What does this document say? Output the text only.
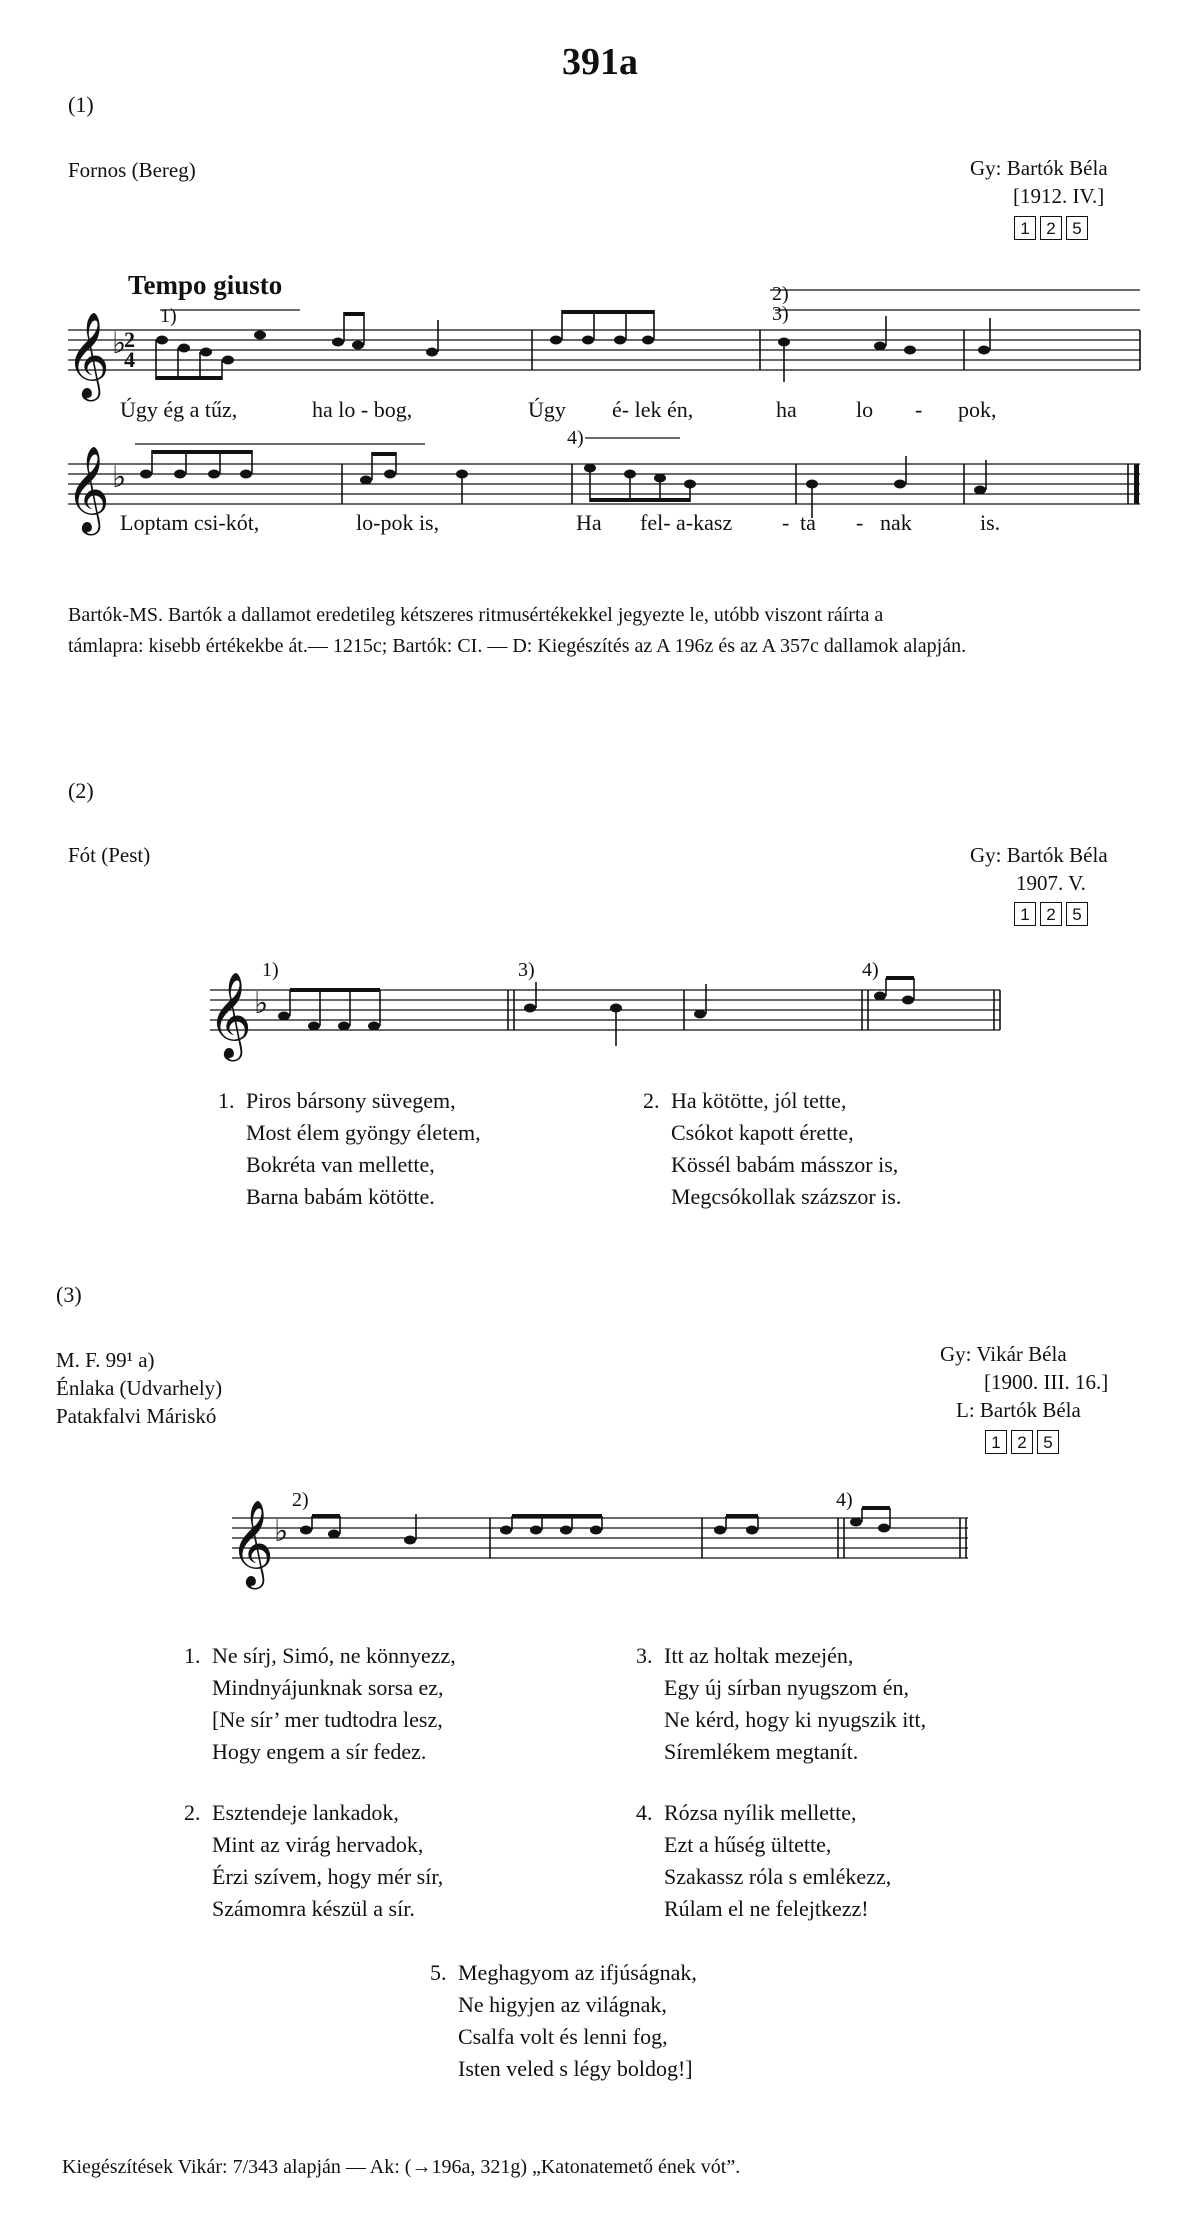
391a
(1)
Fornos (Bereg)	Gy: Bartók Béla
[1912. IV.]
1 2 5
Tempo giusto
𝄞 ♭
2
4
1)
2)
3)
Úgy ég a tűz,	ha lo - bog,	Úgy é- lek én,	ha	lo - pok,
𝄞 ♭
4)
Loptam csi-kót,	lo-pok is,	Ha fel- a-kasz - ta - nak	is.
Bartók-MS. Bartók a dallamot eredetileg kétszeres ritmusértékekkel jegyezte le, utóbb viszont ráírta a
támlapra: kisebb értékekbe át.— 1215c; Bartók: CI. — D: Kiegészítés az A 196z és az A 357c dallamok alapján.
(2)
Fót (Pest)	Gy: Bartók Béla
1907. V.
1 2 5
𝄞 ♭
1)	3)	4)
1. Piros bársony süvegem,
Most élem gyöngy életem,
Bokréta van mellette,
Barna babám kötötte.
2. Ha kötötte, jól tette,
Csókot kapott érette,
Kössél babám másszor is,
Megcsókollak százszor is.
(3)
M. F. 99¹ a)
Énlaka (Udvarhely)
Patakfalvi Máriskó
Gy: Vikár Béla
[1900. III. 16.]
L: Bartók Béla
1 2 5
𝄞 ♭
2)	4)
1. Ne sírj, Simó, ne könnyezz,
Mindnyájunknak sorsa ez,
[Ne sír’ mer tudtodra lesz,
Hogy engem a sír fedez.
3. Itt az holtak mezején,
Egy új sírban nyugszom én,
Ne kérd, hogy ki nyugszik itt,
Síremlékem megtanít.
2. Esztendeje lankadok,
Mint az virág hervadok,
Érzi szívem, hogy mér sír,
Számomra készül a sír.
4. Rózsa nyílik mellette,
Ezt a hűség ültette,
Szakassz róla s emlékezz,
Rúlam el ne felejtkezz!
5. Meghagyom az ifjúságnak,
Ne higyjen az világnak,
Csalfa volt és lenni fog,
Isten veled s légy boldog!]
Kiegészítések Vikár: 7/343 alapján — Ak: (→196a, 321g) „Katonatemető ének vót”.
